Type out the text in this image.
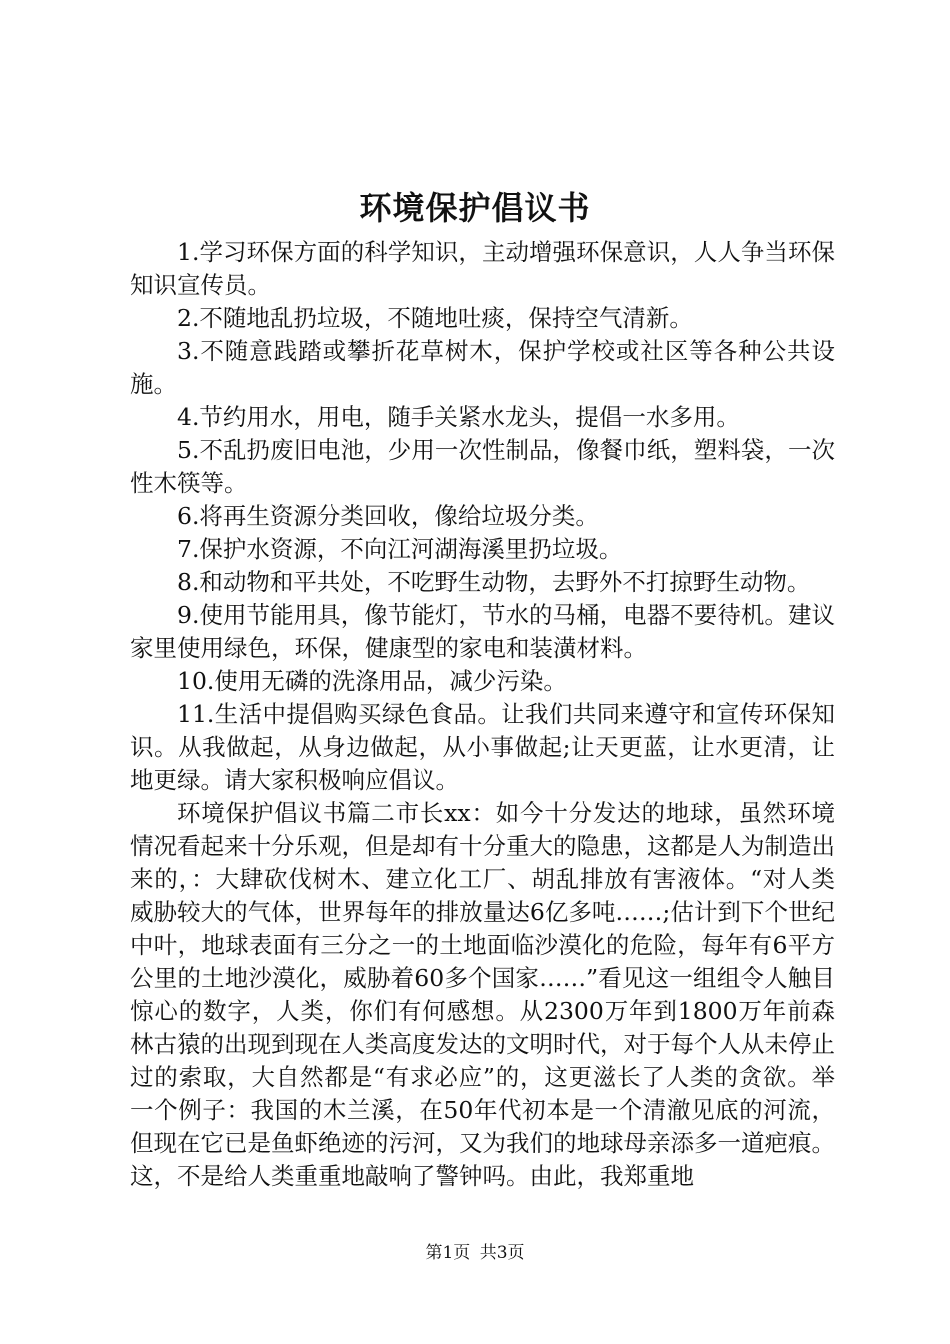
环境保护倡议书

1.学习环保方面的科学知识，主动增强环保意识，人人争当环保知识宣传员。

2.不随地乱扔垃圾，不随地吐痰，保持空气清新。

3.不随意践踏或攀折花草树木，保护学校或社区等各种公共设施。

4.节约用水，用电，随手关紧水龙头，提倡一水多用。

5.不乱扔废旧电池，少用一次性制品，像餐巾纸，塑料袋，一次性木筷等。

6.将再生资源分类回收，像给垃圾分类。

7.保护水资源，不向江河湖海溪里扔垃圾。

8.和动物和平共处，不吃野生动物，去野外不打掠野生动物。

9.使用节能用具，像节能灯，节水的马桶，电器不要待机。建议家里使用绿色，环保，健康型的家电和装潢材料。

10.使用无磷的洗涤用品，减少污染。

11.生活中提倡购买绿色食品。让我们共同来遵守和宣传环保知识。从我做起，从身边做起，从小事做起;让天更蓝，让水更清，让地更绿。请大家积极响应倡议。

环境保护倡议书篇二市长xx：如今十分发达的地球，虽然环境情况看起来十分乐观，但是却有十分重大的隐患，这都是人为制造出来的，：大肆砍伐树木、建立化工厂、胡乱排放有害液体。“对人类威胁较大的气体，世界每年的排放量达6亿多吨……;估计到下个世纪中叶，地球表面有三分之一的土地面临沙漠化的危险，每年有6平方公里的土地沙漠化，威胁着60多个国家……”看见这一组组令人触目惊心的数字，人类，你们有何感想。从2300万年到1800万年前森林古猿的出现到现在人类高度发达的文明时代，对于每个人从未停止过的索取，大自然都是“有求必应”的，这更滋长了人类的贪欲。举一个例子：我国的木兰溪，在50年代初本是一个清澈见底的河流，但现在它已是鱼虾绝迹的污河，又为我们的地球母亲添多一道疤痕。这，不是给人类重重地敲响了警钟吗。由此，我郑重地

第1页 共3页
